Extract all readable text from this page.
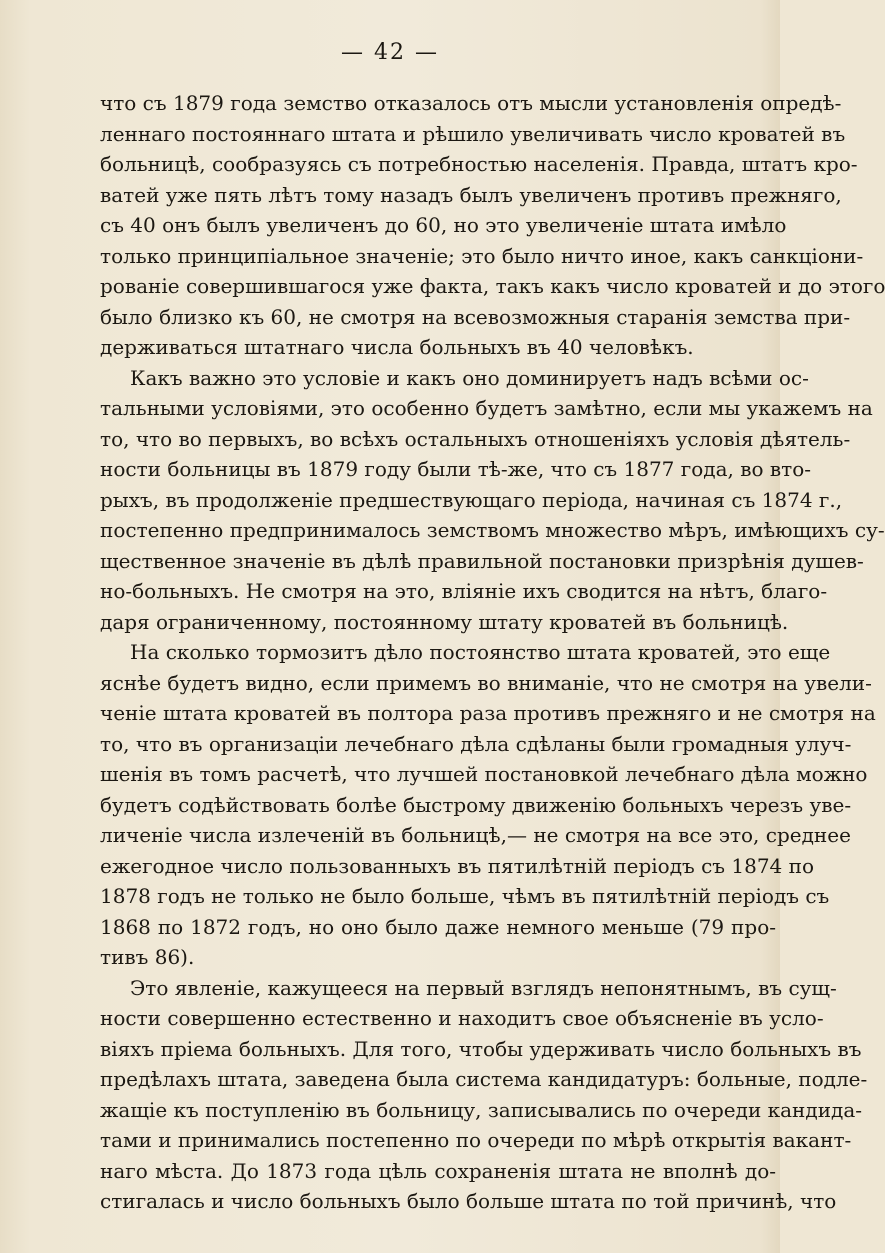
— 42 —
что съ 1879 года земство отказалось отъ мысли установленія опредѣ-
леннаго постояннаго штата и рѣшило увеличивать число кроватей въ
больницѣ, сообразуясь съ потребностью населенія. Правда, штатъ кро-
ватей уже пять лѣтъ тому назадъ былъ увеличенъ противъ прежняго,
съ 40 онъ былъ увеличенъ до 60, но это увеличеніе штата имѣло
только принципіальное значеніе; это было ничто иное, какъ санкціони-
рованіе совершившагося уже факта, такъ какъ число кроватей и до этого
было близко къ 60, не смотря на всевозможныя старанія земства при-
держиваться штатнаго числа больныхъ въ 40 человѣкъ.
Какъ важно это условіе и какъ оно доминируетъ надъ всѣми ос-
тальными условіями, это особенно будетъ замѣтно, если мы укажемъ на
то, что во первыхъ, во всѣхъ остальныхъ отношеніяхъ условія дѣятель-
ности больницы въ 1879 году были тѣ-же, что съ 1877 года, во вто-
рыхъ, въ продолженіе предшествующаго періода, начиная съ 1874 г.,
постепенно предпринималось земствомъ множество мѣръ, имѣющихъ су-
щественное значеніе въ дѣлѣ правильной постановки призрѣнія душев-
но-больныхъ. Не смотря на это, вліяніе ихъ сводится на нѣтъ, благо-
даря ограниченному, постоянному штату кроватей въ больницѣ.
На сколько тормозитъ дѣло постоянство штата кроватей, это еще
яснѣе будетъ видно, если примемъ во вниманіе, что не смотря на увели-
ченіе штата кроватей въ полтора раза противъ прежняго и не смотря на
то, что въ организаціи лечебнаго дѣла сдѣланы были громадныя улуч-
шенія въ томъ расчетѣ, что лучшей постановкой лечебнаго дѣла можно
будетъ содѣйствовать болѣе быстрому движенію больныхъ черезъ уве-
личеніе числа излеченій въ больницѣ,— не смотря на все это, среднее
ежегодное число пользованныхъ въ пятилѣтній періодъ съ 1874 по
1878 годъ не только не было больше, чѣмъ въ пятилѣтній періодъ съ
1868 по 1872 годъ, но оно было даже немного меньше (79 про-
тивъ 86).
Это явленіе, кажущееся на первый взглядъ непонятнымъ, въ сущ-
ности совершенно естественно и находитъ свое объясненіе въ усло-
віяхъ пріема больныхъ. Для того, чтобы удерживать число больныхъ въ
предѣлахъ штата, заведена была система кандидатуръ: больные, подле-
жащіе къ поступленію въ больницу, записывались по очереди кандида-
тами и принимались постепенно по очереди по мѣрѣ открытія вакант-
наго мѣста. До 1873 года цѣль сохраненія штата не вполнѣ до-
стигалась и число больныхъ было больше штата по той причинѣ, что
